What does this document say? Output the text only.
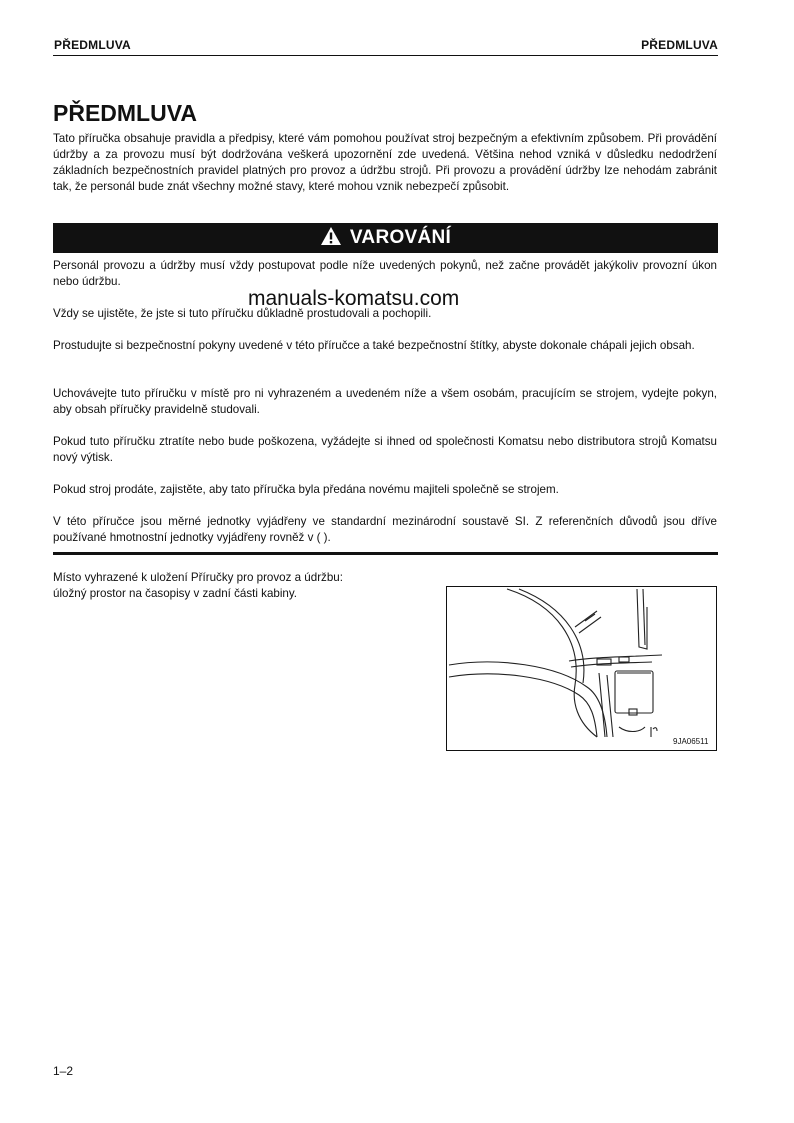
PŘEDMLUVA	PŘEDMLUVA
PŘEDMLUVA
Tato příručka obsahuje pravidla a předpisy, které vám pomohou používat stroj bezpečným a efektivním způsobem. Při provádění údržby a za provozu musí být dodržována veškerá upozornění zde uvedená. Většina nehod vzniká v důsledku nedodržení základních bezpečnostních pravidel platných pro provoz a údržbu strojů. Při provozu a provádění údržby lze nehodám zabránit tak, že personál bude znát všechny možné stavy, které mohou vznik nebezpečí způsobit.
VAROVÁNÍ
Personál provozu a údržby musí vždy postupovat podle níže uvedených pokynů, než začne provádět jakýkoliv provozní úkon nebo údržbu.
manuals-komatsu.com
Vždy se ujistěte, že jste si tuto příručku důkladně prostudovali a pochopili.
Prostudujte si bezpečnostní pokyny uvedené v této příručce a také bezpečnostní štítky, abyste dokonale chápali jejich obsah.
Uchovávejte tuto příručku v místě pro ni vyhrazeném a uvedeném níže a všem osobám, pracujícím se strojem, vydejte pokyn, aby obsah příručky pravidelně studovali.
Pokud tuto příručku ztratíte nebo bude poškozena, vyžádejte si ihned od společnosti Komatsu nebo distributora strojů Komatsu nový výtisk.
Pokud stroj prodáte, zajistěte, aby tato příručka byla předána novému majiteli společně se strojem.
V této příručce jsou měrné jednotky vyjádřeny ve standardní mezinárodní soustavě SI. Z referenčních důvodů jsou dříve používané hmotnostní jednotky vyjádřeny rovněž v ( ).
Místo vyhrazené k uložení Příručky pro provoz a údržbu:
úložný prostor na časopisy v zadní části kabiny.
9JA06511
1–2
